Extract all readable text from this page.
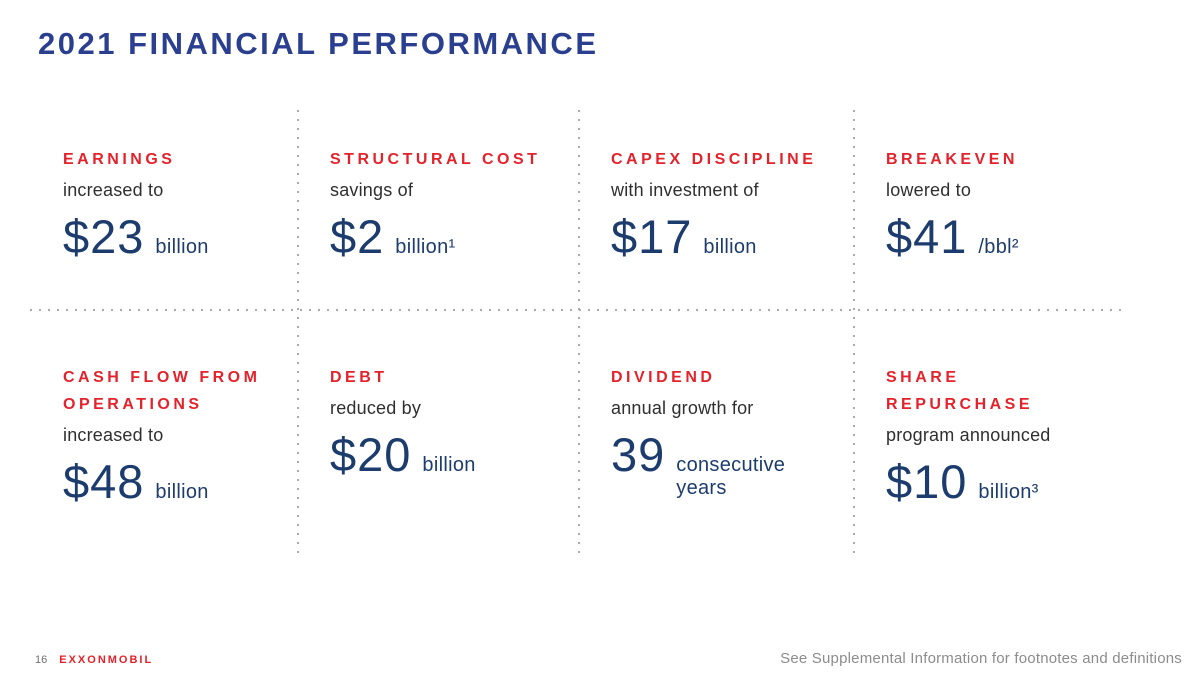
2021 FINANCIAL PERFORMANCE
EARNINGS
increased to
$23 billion
STRUCTURAL COST
savings of
$2 billion¹
CAPEX DISCIPLINE
with investment of
$17 billion
BREAKEVEN
lowered to
$41 /bbl²
CASH FLOW FROM OPERATIONS
increased to
$48 billion
DEBT
reduced by
$20 billion
DIVIDEND
annual growth for
39 consecutive years
SHARE REPURCHASE
program announced
$10 billion³
16 EXXONMOBIL	See Supplemental Information for footnotes and definitions
